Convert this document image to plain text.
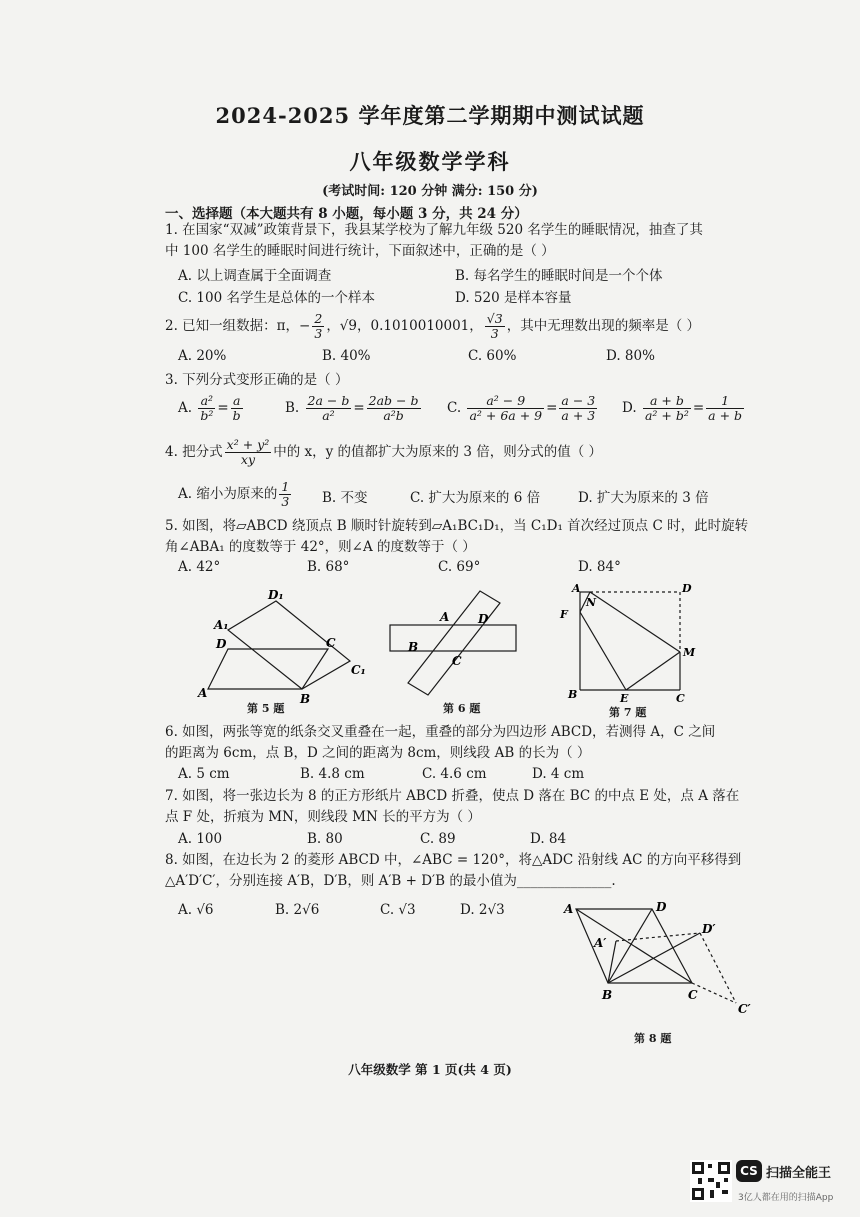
2024-2025 学年度第二学期期中测试试题
八年级数学学科
(考试时间: 120 分钟 满分: 150 分)
一、选择题（本大题共有 8 小题，每小题 3 分，共 24 分）
1. 在国家“双减”政策背景下，我县某学校为了解九年级 520 名学生的睡眠情况，抽查了其
中 100 名学生的睡眠时间进行统计，下面叙述中，正确的是（ ）
A. 以上调查属于全面调查	B. 每名学生的睡眠时间是一个个体
C. 100 名学生是总体的一个样本	D. 520 是样本容量
2. 已知一组数据：π，− $\frac{2}{3}$ ，√9，0.1010010001， $\frac{√3}{3}$ ，其中无理数出现的频率是（ ）
A. 20%	B. 40%	C. 60%	D. 80%
3. 下列分式变形正确的是（ ）
A. $\frac{\text{a²}}{\text{b²}} = \frac{a}{b}$	B. $\frac{2a - b}{\text{a²}} = \frac{2ab - b}{\text{a²b}} C$. $\frac{\text{a² − 9}}{\text{a² + 6a + 9}} = \frac{a - 3}{a + 3} D$. $\frac{a + b}{\text{a² + b²}} = \frac{1}{a + b}$
4. 把分式 $\frac{\text{x² + y²}}{xy}$ 中的 x，y 的值都扩大为原来的 3 倍，则分式的值（ ）
A. 缩小为原来的 $\frac{1}{3} B$. 不变	C. 扩大为原来的 6 倍	D. 扩大为原来的 3 倍
5. 如图，将▱ABCD 绕顶点 B 顺时针旋转到▱A₁BC₁D₁，当 C₁D₁ 首次经过顶点 C 时，此时旋转
角∠ABA₁ 的度数等于 42°，则∠A 的度数等于（ ）
A. 42°	B. 68°	C. 69°	D. 84°
A	B
C
D
A₁
C₁
D₁
第 5 题
A
B
C
D
第 6 题
A
N
D
F
M
B	E	C
第 7 题
6. 如图，两张等宽的纸条交叉重叠在一起，重叠的部分为四边形 ABCD，若测得 A，C 之间
的距离为 6cm，点 B，D 之间的距离为 8cm，则线段 AB 的长为（ ）
A. 5 cm	B. 4.8 cm	C. 4.6 cm	D. 4 cm
7. 如图，将一张边长为 8 的正方形纸片 ABCD 折叠，使点 D 落在 BC 的中点 E 处，点 A 落在
点 F 处，折痕为 MN，则线段 MN 长的平方为（ ）
A. 100	B. 80	C. 89	D. 84
8. 如图，在边长为 2 的菱形 ABCD 中，∠ABC = 120°，将△ADC 沿射线 AC 的方向平移得到
△A′D′C′，分别连接 A′B，D′B，则 A′B + D′B 的最小值为______________.
A. √6	B. 2√6	C. √3	D. 2√3	A	D
A′
D′
B	C
C′
第 8 题
八年级数学 第 1 页(共 4 页)
CS 扫描全能王
3亿人都在用的扫描App
